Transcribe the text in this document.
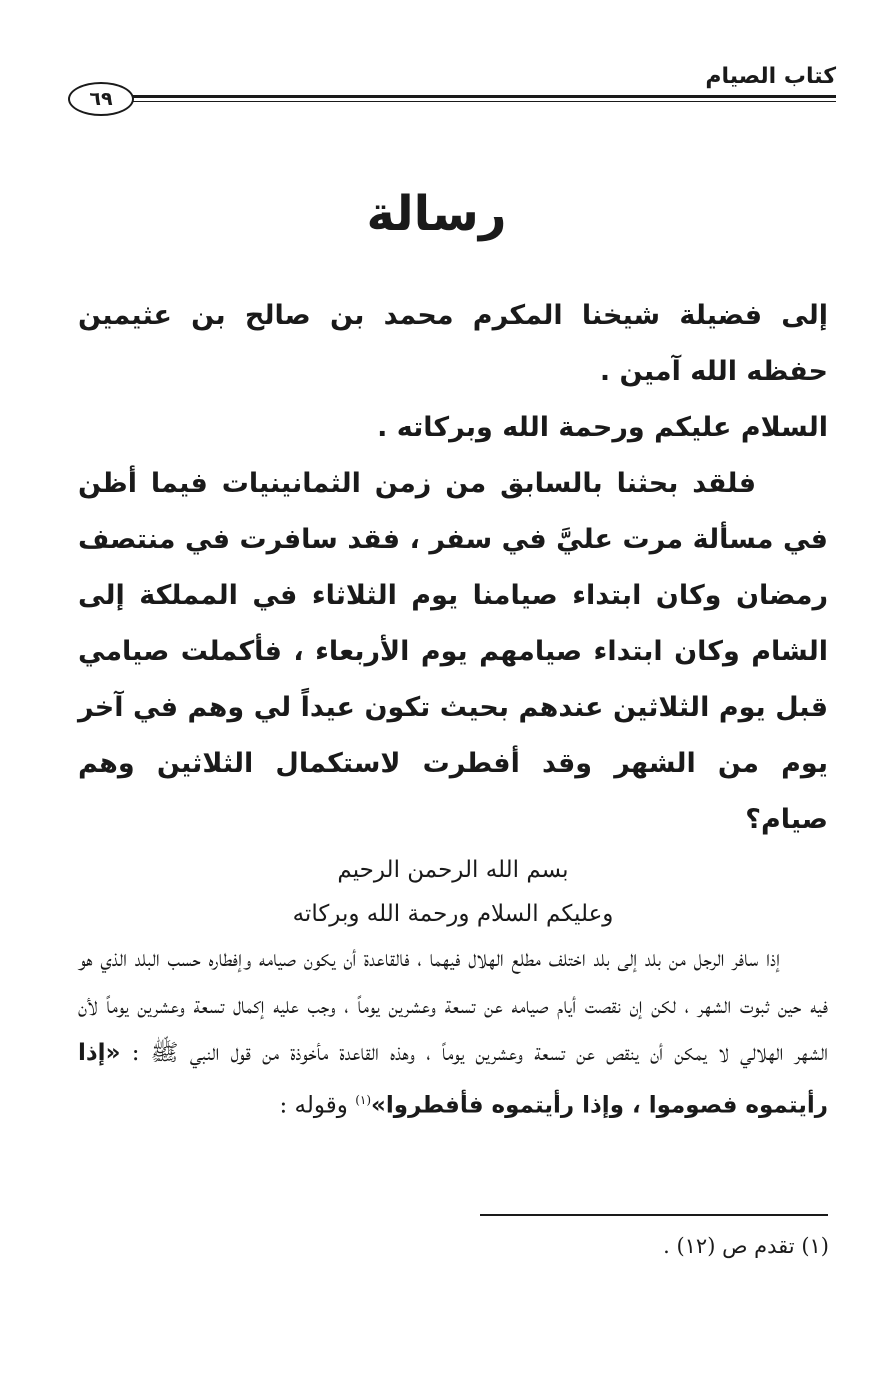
كتاب الصيام
٦٩
رسالة

إلى فضيلة شيخنا المكرم محمد بن صالح بن عثيمين حفظه الله آمين .

السلام عليكم ورحمة الله وبركاته .

فلقد بحثنا بالسابق من زمن الثمانينيات فيما أظن في مسألة مرت عليَّ في سفر ، فقد سافرت في منتصف رمضان وكان ابتداء صيامنا يوم الثلاثاء في المملكة إلى الشام وكان ابتداء صيامهم يوم الأربعاء ، فأكملت صيامي قبل يوم الثلاثين عندهم بحيث تكون عيداً لي وهم في آخر يوم من الشهر وقد أفطرت لاستكمال الثلاثين وهم صيام؟

بسم الله الرحمن الرحيم

وعليكم السلام ورحمة الله وبركاته

إذا سافر الرجل من بلد إلى بلد اختلف مطلع الهلال فيهما ، فالقاعدة أن يكون صيامه وإفطاره حسب البلد الذي هو فيه حين ثبوت الشهر ، لكن إن نقصت أيام صيامه عن تسعة وعشرين يوماً ، وجب عليه إكمال تسعة وعشرين يوماً لأن الشهر الهلالي لا يمكن أن ينقص عن تسعة وعشرين يوماً ، وهذه القاعدة مأخوذة من قول النبي ﷺ : «إذا رأيتموه فصوموا ، وإذا رأيتموه فأفطروا»$^{(١)}$ وقوله :

(١) تقدم ص (١٢) .
